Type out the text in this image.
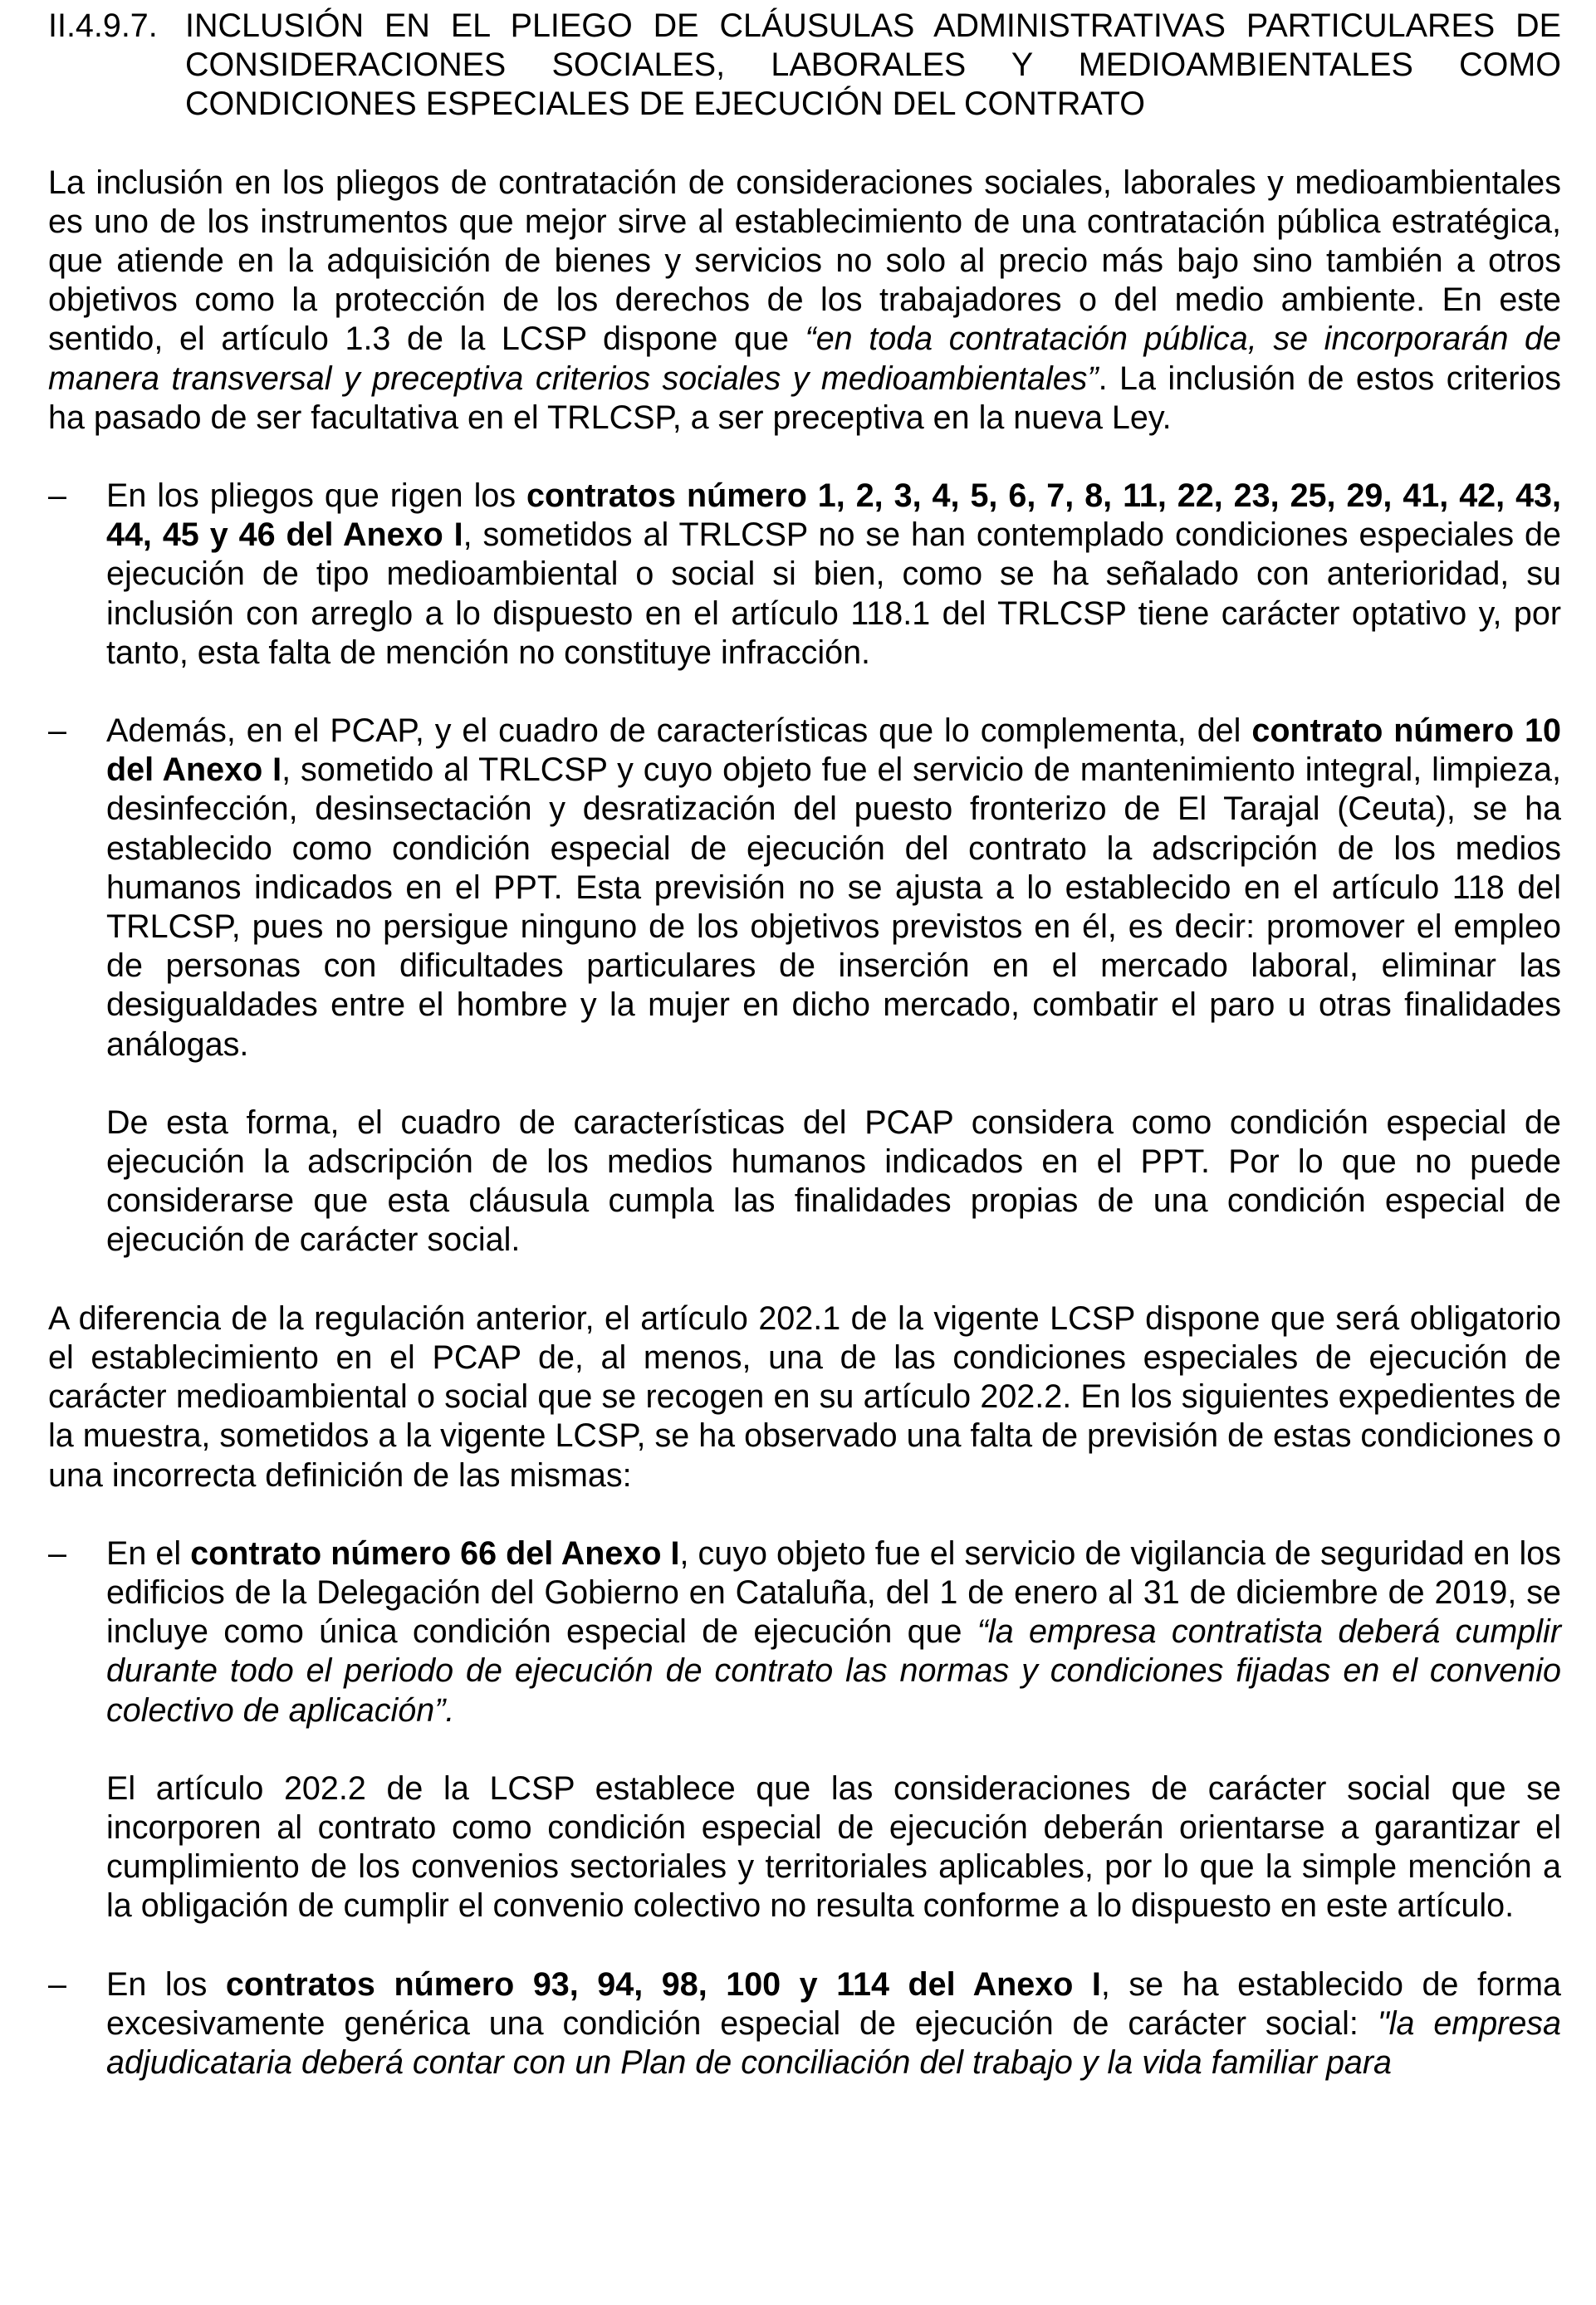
II.4.9.7. INCLUSIÓN EN EL PLIEGO DE CLÁUSULAS ADMINISTRATIVAS PARTICULARES DE CONSIDERACIONES SOCIALES, LABORALES Y MEDIOAMBIENTALES COMO CONDICIONES ESPECIALES DE EJECUCIÓN DEL CONTRATO

La inclusión en los pliegos de contratación de consideraciones sociales, laborales y medioambientales es uno de los instrumentos que mejor sirve al establecimiento de una contratación pública estratégica, que atiende en la adquisición de bienes y servicios no solo al precio más bajo sino también a otros objetivos como la protección de los derechos de los trabajadores o del medio ambiente. En este sentido, el artículo 1.3 de la LCSP dispone que “en toda contratación pública, se incorporarán de manera transversal y preceptiva criterios sociales y medioambientales”. La inclusión de estos criterios ha pasado de ser facultativa en el TRLCSP, a ser preceptiva en la nueva Ley.

–	En los pliegos que rigen los contratos número 1, 2, 3, 4, 5, 6, 7, 8, 11, 22, 23, 25, 29, 41, 42, 43, 44, 45 y 46 del Anexo I, sometidos al TRLCSP no se han contemplado condiciones especiales de ejecución de tipo medioambiental o social si bien, como se ha señalado con anterioridad, su inclusión con arreglo a lo dispuesto en el artículo 118.1 del TRLCSP tiene carácter optativo y, por tanto, esta falta de mención no constituye infracción.

–	Además, en el PCAP, y el cuadro de características que lo complementa, del contrato número 10 del Anexo I, sometido al TRLCSP y cuyo objeto fue el servicio de mantenimiento integral, limpieza, desinfección, desinsectación y desratización del puesto fronterizo de El Tarajal (Ceuta), se ha establecido como condición especial de ejecución del contrato la adscripción de los medios humanos indicados en el PPT. Esta previsión no se ajusta a lo establecido en el artículo 118 del TRLCSP, pues no persigue ninguno de los objetivos previstos en él, es decir: promover el empleo de personas con dificultades particulares de inserción en el mercado laboral, eliminar las desigualdades entre el hombre y la mujer en dicho mercado, combatir el paro u otras finalidades análogas.

De esta forma, el cuadro de características del PCAP considera como condición especial de ejecución la adscripción de los medios humanos indicados en el PPT. Por lo que no puede considerarse que esta cláusula cumpla las finalidades propias de una condición especial de ejecución de carácter social.

A diferencia de la regulación anterior, el artículo 202.1 de la vigente LCSP dispone que será obligatorio el establecimiento en el PCAP de, al menos, una de las condiciones especiales de ejecución de carácter medioambiental o social que se recogen en su artículo 202.2. En los siguientes expedientes de la muestra, sometidos a la vigente LCSP, se ha observado una falta de previsión de estas condiciones o una incorrecta definición de las mismas:

–	En el contrato número 66 del Anexo I, cuyo objeto fue el servicio de vigilancia de seguridad en los edificios de la Delegación del Gobierno en Cataluña, del 1 de enero al 31 de diciembre de 2019, se incluye como única condición especial de ejecución que “la empresa contratista deberá cumplir durante todo el periodo de ejecución de contrato las normas y condiciones fijadas en el convenio colectivo de aplicación”.

El artículo 202.2 de la LCSP establece que las consideraciones de carácter social que se incorporen al contrato como condición especial de ejecución deberán orientarse a garantizar el cumplimiento de los convenios sectoriales y territoriales aplicables, por lo que la simple mención a la obligación de cumplir el convenio colectivo no resulta conforme a lo dispuesto en este artículo.

–	En los contratos número 93, 94, 98, 100 y 114 del Anexo I, se ha establecido de forma excesivamente genérica una condición especial de ejecución de carácter social: "la empresa adjudicataria deberá contar con un Plan de conciliación del trabajo y la vida familiar para
